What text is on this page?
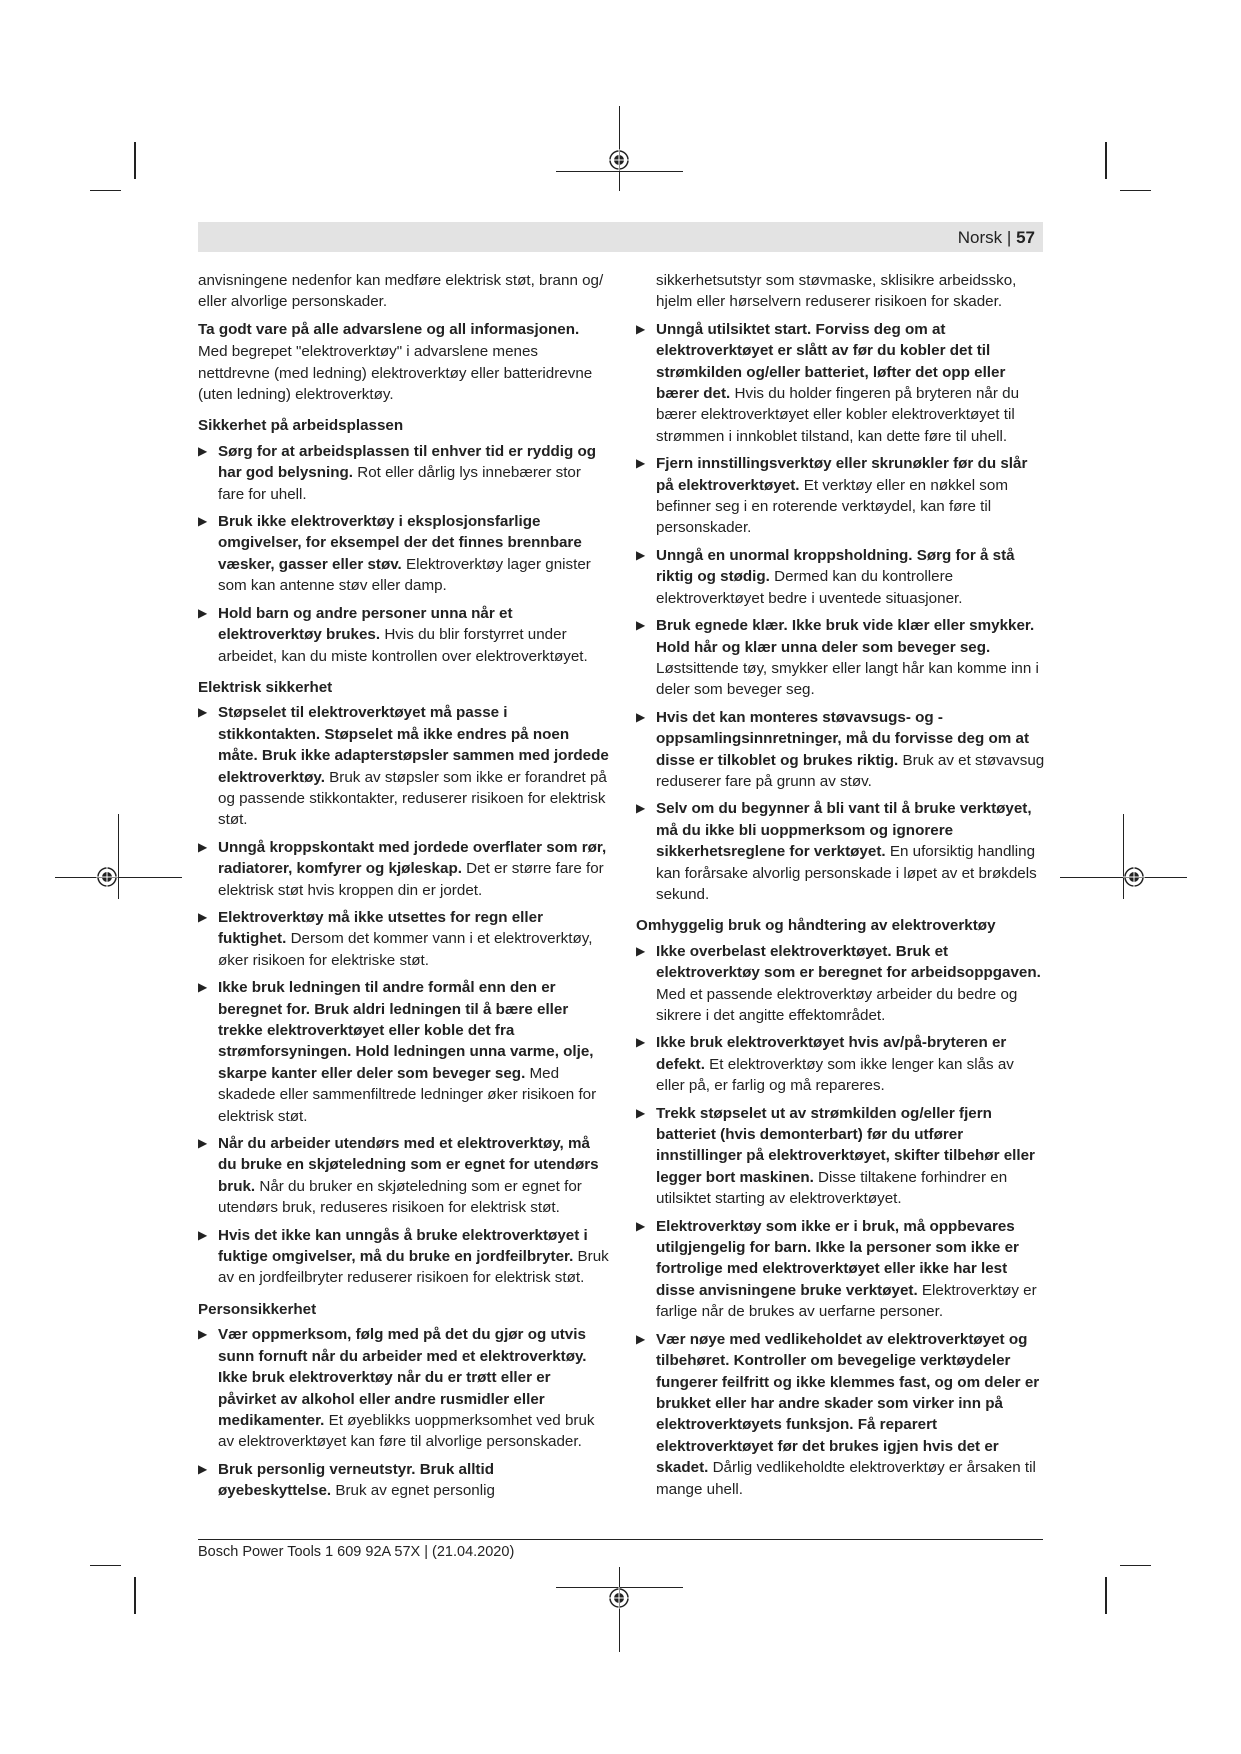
Norsk | 57

anvisningene nedenfor kan medføre elektrisk støt, brann og/ eller alvorlige personskader.

Ta godt vare på alle advarslene og all informasjonen.

Med begrepet "elektroverktøy" i advarslene menes nettdrevne (med ledning) elektroverktøy eller batteridrevne (uten ledning) elektroverktøy.

Sikkerhet på arbeidsplassen
▶ Sørg for at arbeidsplassen til enhver tid er ryddig og har god belysning. Rot eller dårlig lys innebærer stor fare for uhell.
▶ Bruk ikke elektroverktøy i eksplosjonsfarlige omgivelser, for eksempel der det finnes brennbare væsker, gasser eller støv. Elektroverktøy lager gnister som kan antenne støv eller damp.
▶ Hold barn og andre personer unna når et elektroverktøy brukes. Hvis du blir forstyrret under arbeidet, kan du miste kontrollen over elektroverktøyet.
Elektrisk sikkerhet
▶ Støpselet til elektroverktøyet må passe i stikkontakten. Støpselet må ikke endres på noen måte. Bruk ikke adapterstøpsler sammen med jordede elektroverktøy. Bruk av støpsler som ikke er forandret på og passende stikkontakter, reduserer risikoen for elektrisk støt.
▶ Unngå kroppskontakt med jordede overflater som rør, radiatorer, komfyrer og kjøleskap. Det er større fare for elektrisk støt hvis kroppen din er jordet.
▶ Elektroverktøy må ikke utsettes for regn eller fuktighet. Dersom det kommer vann i et elektroverktøy, øker risikoen for elektriske støt.
▶ Ikke bruk ledningen til andre formål enn den er beregnet for. Bruk aldri ledningen til å bære eller trekke elektroverktøyet eller koble det fra strømforsyningen. Hold ledningen unna varme, olje, skarpe kanter eller deler som beveger seg. Med skadede eller sammenfiltrede ledninger øker risikoen for elektrisk støt.
▶ Når du arbeider utendørs med et elektroverktøy, må du bruke en skjøteledning som er egnet for utendørs bruk. Når du bruker en skjøteledning som er egnet for utendørs bruk, reduseres risikoen for elektrisk støt.
▶ Hvis det ikke kan unngås å bruke elektroverktøyet i fuktige omgivelser, må du bruke en jordfeilbryter. Bruk av en jordfeilbryter reduserer risikoen for elektrisk støt.
Personsikkerhet
▶ Vær oppmerksom, følg med på det du gjør og utvis sunn fornuft når du arbeider med et elektroverktøy. Ikke bruk elektroverktøy når du er trøtt eller er påvirket av alkohol eller andre rusmidler eller medikamenter. Et øyeblikks uoppmerksomhet ved bruk av elektroverktøyet kan føre til alvorlige personskader.
▶ Bruk personlig verneutstyr. Bruk alltid øyebeskyttelse. Bruk av egnet personlig

sikkerhetsutstyr som støvmaske, sklisikre arbeidssko, hjelm eller hørselvern reduserer risikoen for skader.

▶ Unngå utilsiktet start. Forviss deg om at elektroverktøyet er slått av før du kobler det til strømkilden og/eller batteriet, løfter det opp eller bærer det. Hvis du holder fingeren på bryteren når du bærer elektroverktøyet eller kobler elektroverktøyet til strømmen i innkoblet tilstand, kan dette føre til uhell.
▶ Fjern innstillingsverktøy eller skrunøkler før du slår på elektroverktøyet. Et verktøy eller en nøkkel som befinner seg i en roterende verktøydel, kan føre til personskader.
▶ Unngå en unormal kroppsholdning. Sørg for å stå riktig og stødig. Dermed kan du kontrollere elektroverktøyet bedre i uventede situasjoner.
▶ Bruk egnede klær. Ikke bruk vide klær eller smykker. Hold hår og klær unna deler som beveger seg. Løstsittende tøy, smykker eller langt hår kan komme inn i deler som beveger seg.
▶ Hvis det kan monteres støvavsugs- og -oppsamlingsinnretninger, må du forvisse deg om at disse er tilkoblet og brukes riktig. Bruk av et støvavsug reduserer fare på grunn av støv.
▶ Selv om du begynner å bli vant til å bruke verktøyet, må du ikke bli uoppmerksom og ignorere sikkerhetsreglene for verktøyet. En uforsiktig handling kan forårsake alvorlig personskade i løpet av et brøkdels sekund.
Omhyggelig bruk og håndtering av elektroverktøy
▶ Ikke overbelast elektroverktøyet. Bruk et elektroverktøy som er beregnet for arbeidsoppgaven. Med et passende elektroverktøy arbeider du bedre og sikrere i det angitte effektområdet.
▶ Ikke bruk elektroverktøyet hvis av/på-bryteren er defekt. Et elektroverktøy som ikke lenger kan slås av eller på, er farlig og må repareres.
▶ Trekk støpselet ut av strømkilden og/eller fjern batteriet (hvis demonterbart) før du utfører innstillinger på elektroverktøyet, skifter tilbehør eller legger bort maskinen. Disse tiltakene forhindrer en utilsiktet starting av elektroverktøyet.
▶ Elektroverktøy som ikke er i bruk, må oppbevares utilgjengelig for barn. Ikke la personer som ikke er fortrolige med elektroverktøyet eller ikke har lest disse anvisningene bruke verktøyet. Elektroverktøy er farlige når de brukes av uerfarne personer.
▶ Vær nøye med vedlikeholdet av elektroverktøyet og tilbehøret. Kontroller om bevegelige verktøydeler fungerer feilfritt og ikke klemmes fast, og om deler er brukket eller har andre skader som virker inn på elektroverktøyets funksjon. Få reparert elektroverktøyet før det brukes igjen hvis det er skadet. Dårlig vedlikeholdte elektroverktøy er årsaken til mange uhell.
Bosch Power Tools 1 609 92A 57X | (21.04.2020)
